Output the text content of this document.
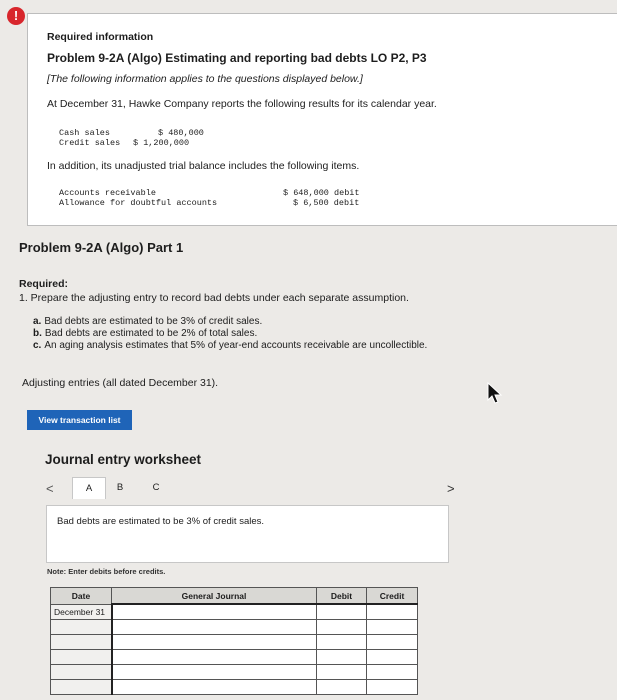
!
Required information
Problem 9-2A (Algo) Estimating and reporting bad debts LO P2, P3
[The following information applies to the questions displayed below.]
At December 31, Hawke Company reports the following results for its calendar year.
Cash sales	$ 480,000
Credit sales $ 1,200,000
In addition, its unadjusted trial balance includes the following items.
Accounts receivable	$ 648,000 debit
Allowance for doubtful accounts	$ 6,500 debit
Problem 9-2A (Algo) Part 1
Required:
1. Prepare the adjusting entry to record bad debts under each separate assumption.
a. Bad debts are estimated to be 3% of credit sales.
b. Bad debts are estimated to be 2% of total sales.
c. An aging analysis estimates that 5% of year-end accounts receivable are uncollectible.
Adjusting entries (all dated December 31).
View transaction list
Journal entry worksheet
<	A	B	C	>
Bad debts are estimated to be 3% of credit sales.
Note: Enter debits before credits.
Date	General Journal	Debit	Credit
December 31			
